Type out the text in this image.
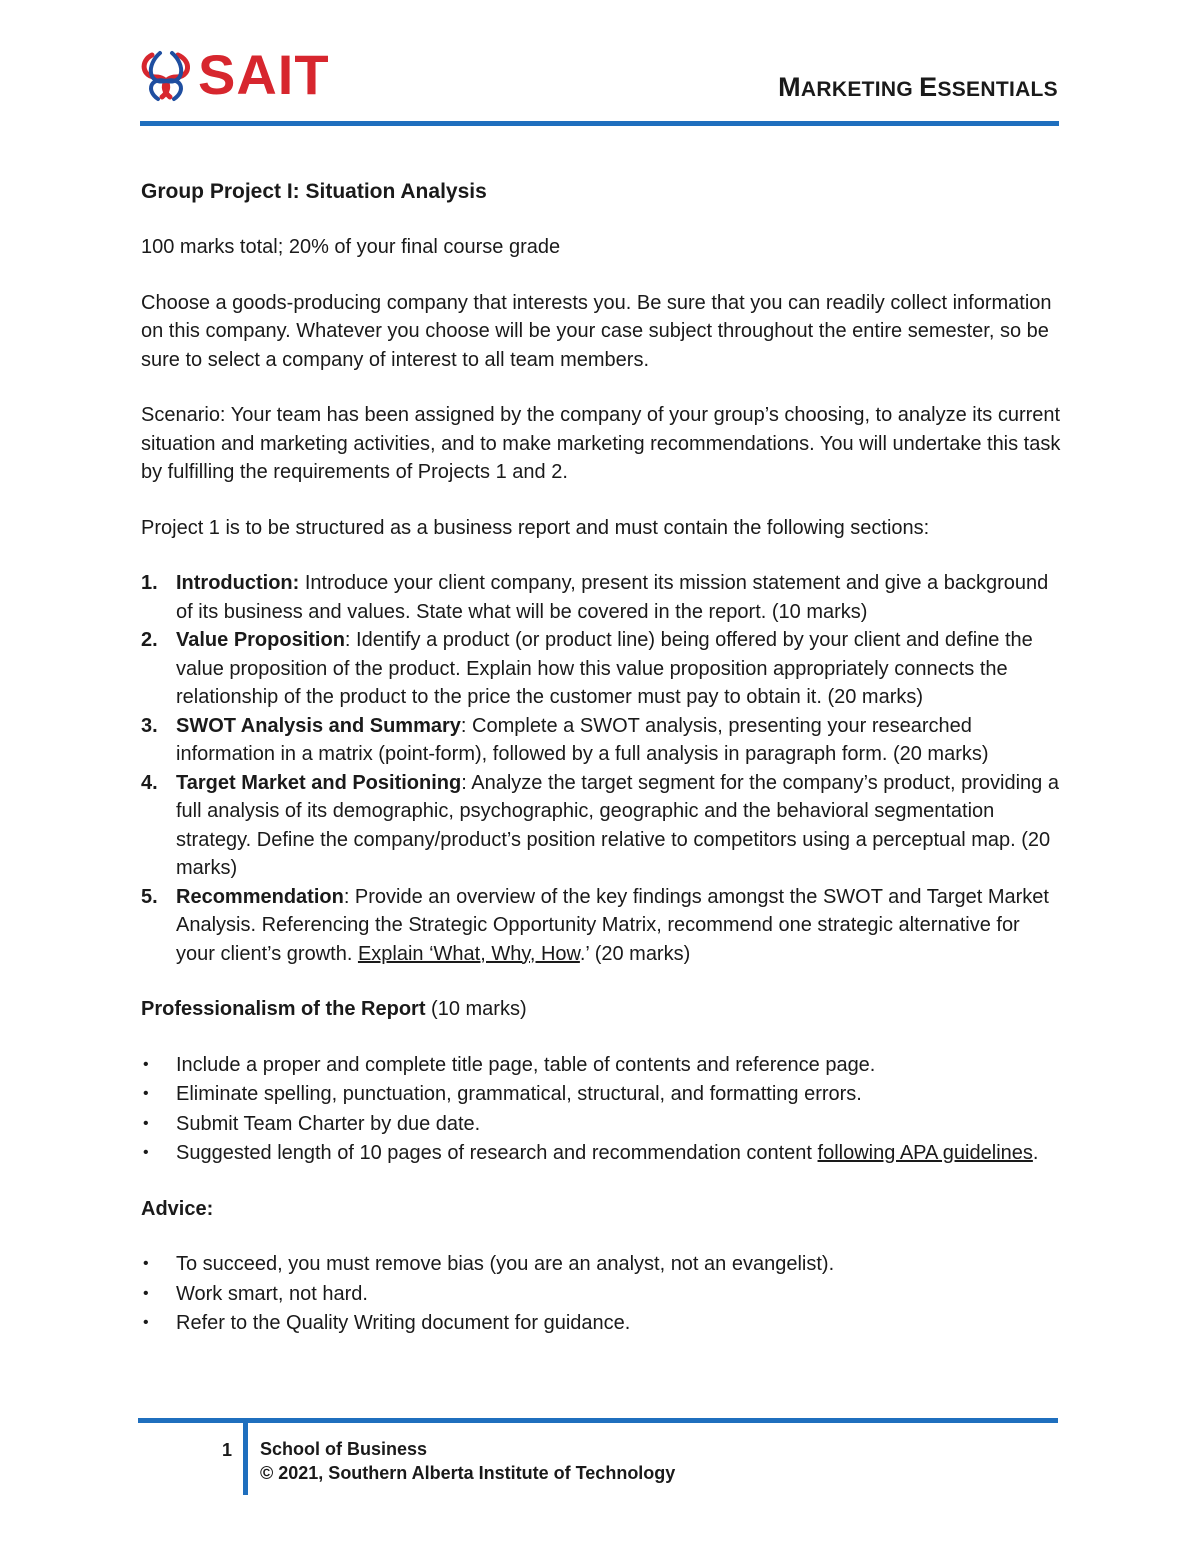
SAIT	MARKETING ESSENTIALS

Group Project I: Situation Analysis

100 marks total; 20% of your final course grade

Choose a goods-producing company that interests you. Be sure that you can readily collect information on this company. Whatever you choose will be your case subject throughout the entire semester, so be sure to select a company of interest to all team members.

Scenario: Your team has been assigned by the company of your group’s choosing, to analyze its current situation and marketing activities, and to make marketing recommendations. You will undertake this task by fulfilling the requirements of Projects 1 and 2.

Project 1 is to be structured as a business report and must contain the following sections:

1. Introduction: Introduce your client company, present its mission statement and give a background of its business and values. State what will be covered in the report. (10 marks)
2. Value Proposition: Identify a product (or product line) being offered by your client and define the value proposition of the product. Explain how this value proposition appropriately connects the relationship of the product to the price the customer must pay to obtain it. (20 marks)
3. SWOT Analysis and Summary: Complete a SWOT analysis, presenting your researched information in a matrix (point-form), followed by a full analysis in paragraph form. (20 marks)
4. Target Market and Positioning: Analyze the target segment for the company’s product, providing a full analysis of its demographic, psychographic, geographic and the behavioral segmentation strategy. Define the company/product’s position relative to competitors using a perceptual map. (20 marks)
5. Recommendation: Provide an overview of the key findings amongst the SWOT and Target Market Analysis. Referencing the Strategic Opportunity Matrix, recommend one strategic alternative for your client’s growth. Explain ‘What, Why, How.’ (20 marks)

Professionalism of the Report (10 marks)

• Include a proper and complete title page, table of contents and reference page.
• Eliminate spelling, punctuation, grammatical, structural, and formatting errors.
• Submit Team Charter by due date.
• Suggested length of 10 pages of research and recommendation content following APA guidelines.

Advice:

• To succeed, you must remove bias (you are an analyst, not an evangelist).
• Work smart, not hard.
• Refer to the Quality Writing document for guidance.
1 School of Business
© 2021, Southern Alberta Institute of Technology
